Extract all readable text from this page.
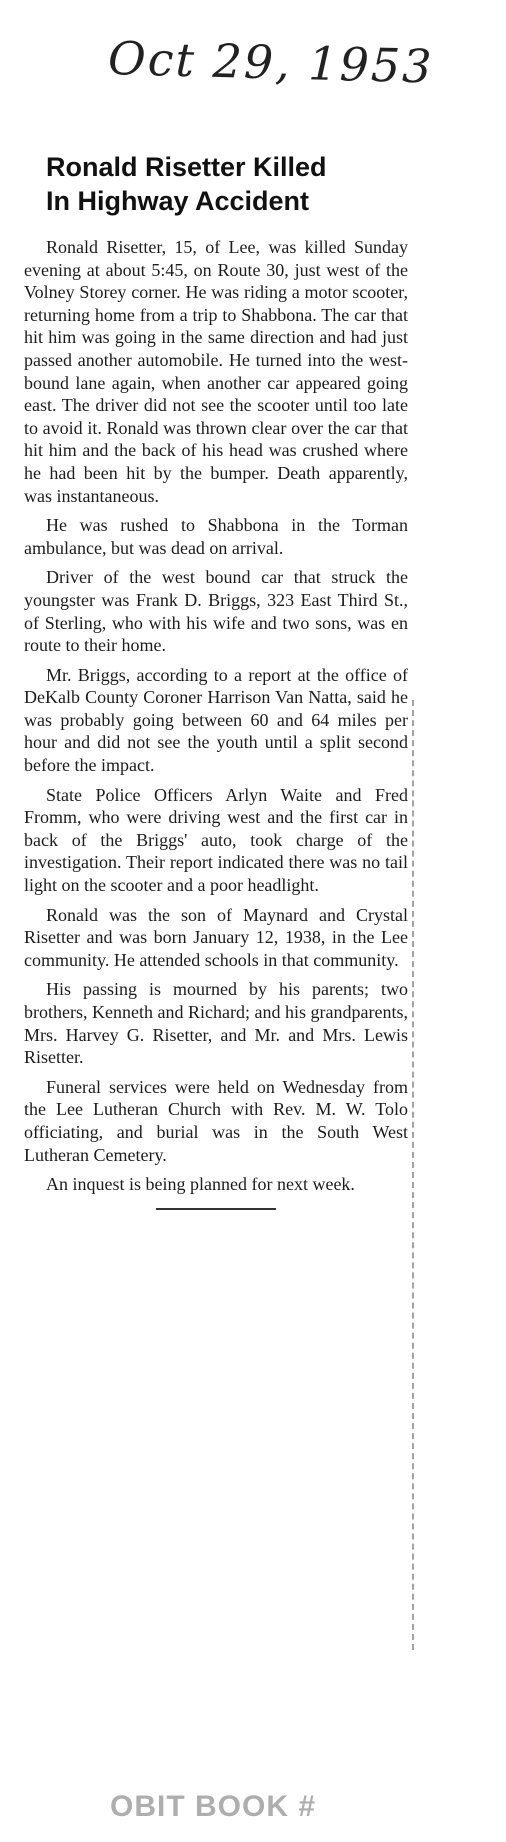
Oct 29, 1953
Ronald Risetter Killed
In Highway Accident

Ronald Risetter, 15, of Lee, was killed Sunday evening at about 5:45, on Route 30, just west of the Volney Storey corner. He was riding a motor scooter, returning home from a trip to Shabbona. The car that hit him was going in the same direction and had just passed another automobile. He turned into the west-bound lane again, when another car appeared going east. The driver did not see the scooter until too late to avoid it. Ronald was thrown clear over the car that hit him and the back of his head was crushed where he had been hit by the bumper. Death apparently, was instantaneous.

He was rushed to Shabbona in the Torman ambulance, but was dead on arrival.

Driver of the west bound car that struck the youngster was Frank D. Briggs, 323 East Third St., of Sterling, who with his wife and two sons, was en route to their home.

Mr. Briggs, according to a report at the office of DeKalb County Coroner Harrison Van Natta, said he was probably going between 60 and 64 miles per hour and did not see the youth until a split second before the impact.

State Police Officers Arlyn Waite and Fred Fromm, who were driving west and the first car in back of the Briggs' auto, took charge of the investigation. Their report indicated there was no tail light on the scooter and a poor headlight.

Ronald was the son of Maynard and Crystal Risetter and was born January 12, 1938, in the Lee community. He attended schools in that community.

His passing is mourned by his parents; two brothers, Kenneth and Richard; and his grandparents, Mrs. Harvey G. Risetter, and Mr. and Mrs. Lewis Risetter.

Funeral services were held on Wednesday from the Lee Lutheran Church with Rev. M. W. Tolo officiating, and burial was in the South West Lutheran Cemetery.

An inquest is being planned for next week.

OBIT BOOK #
